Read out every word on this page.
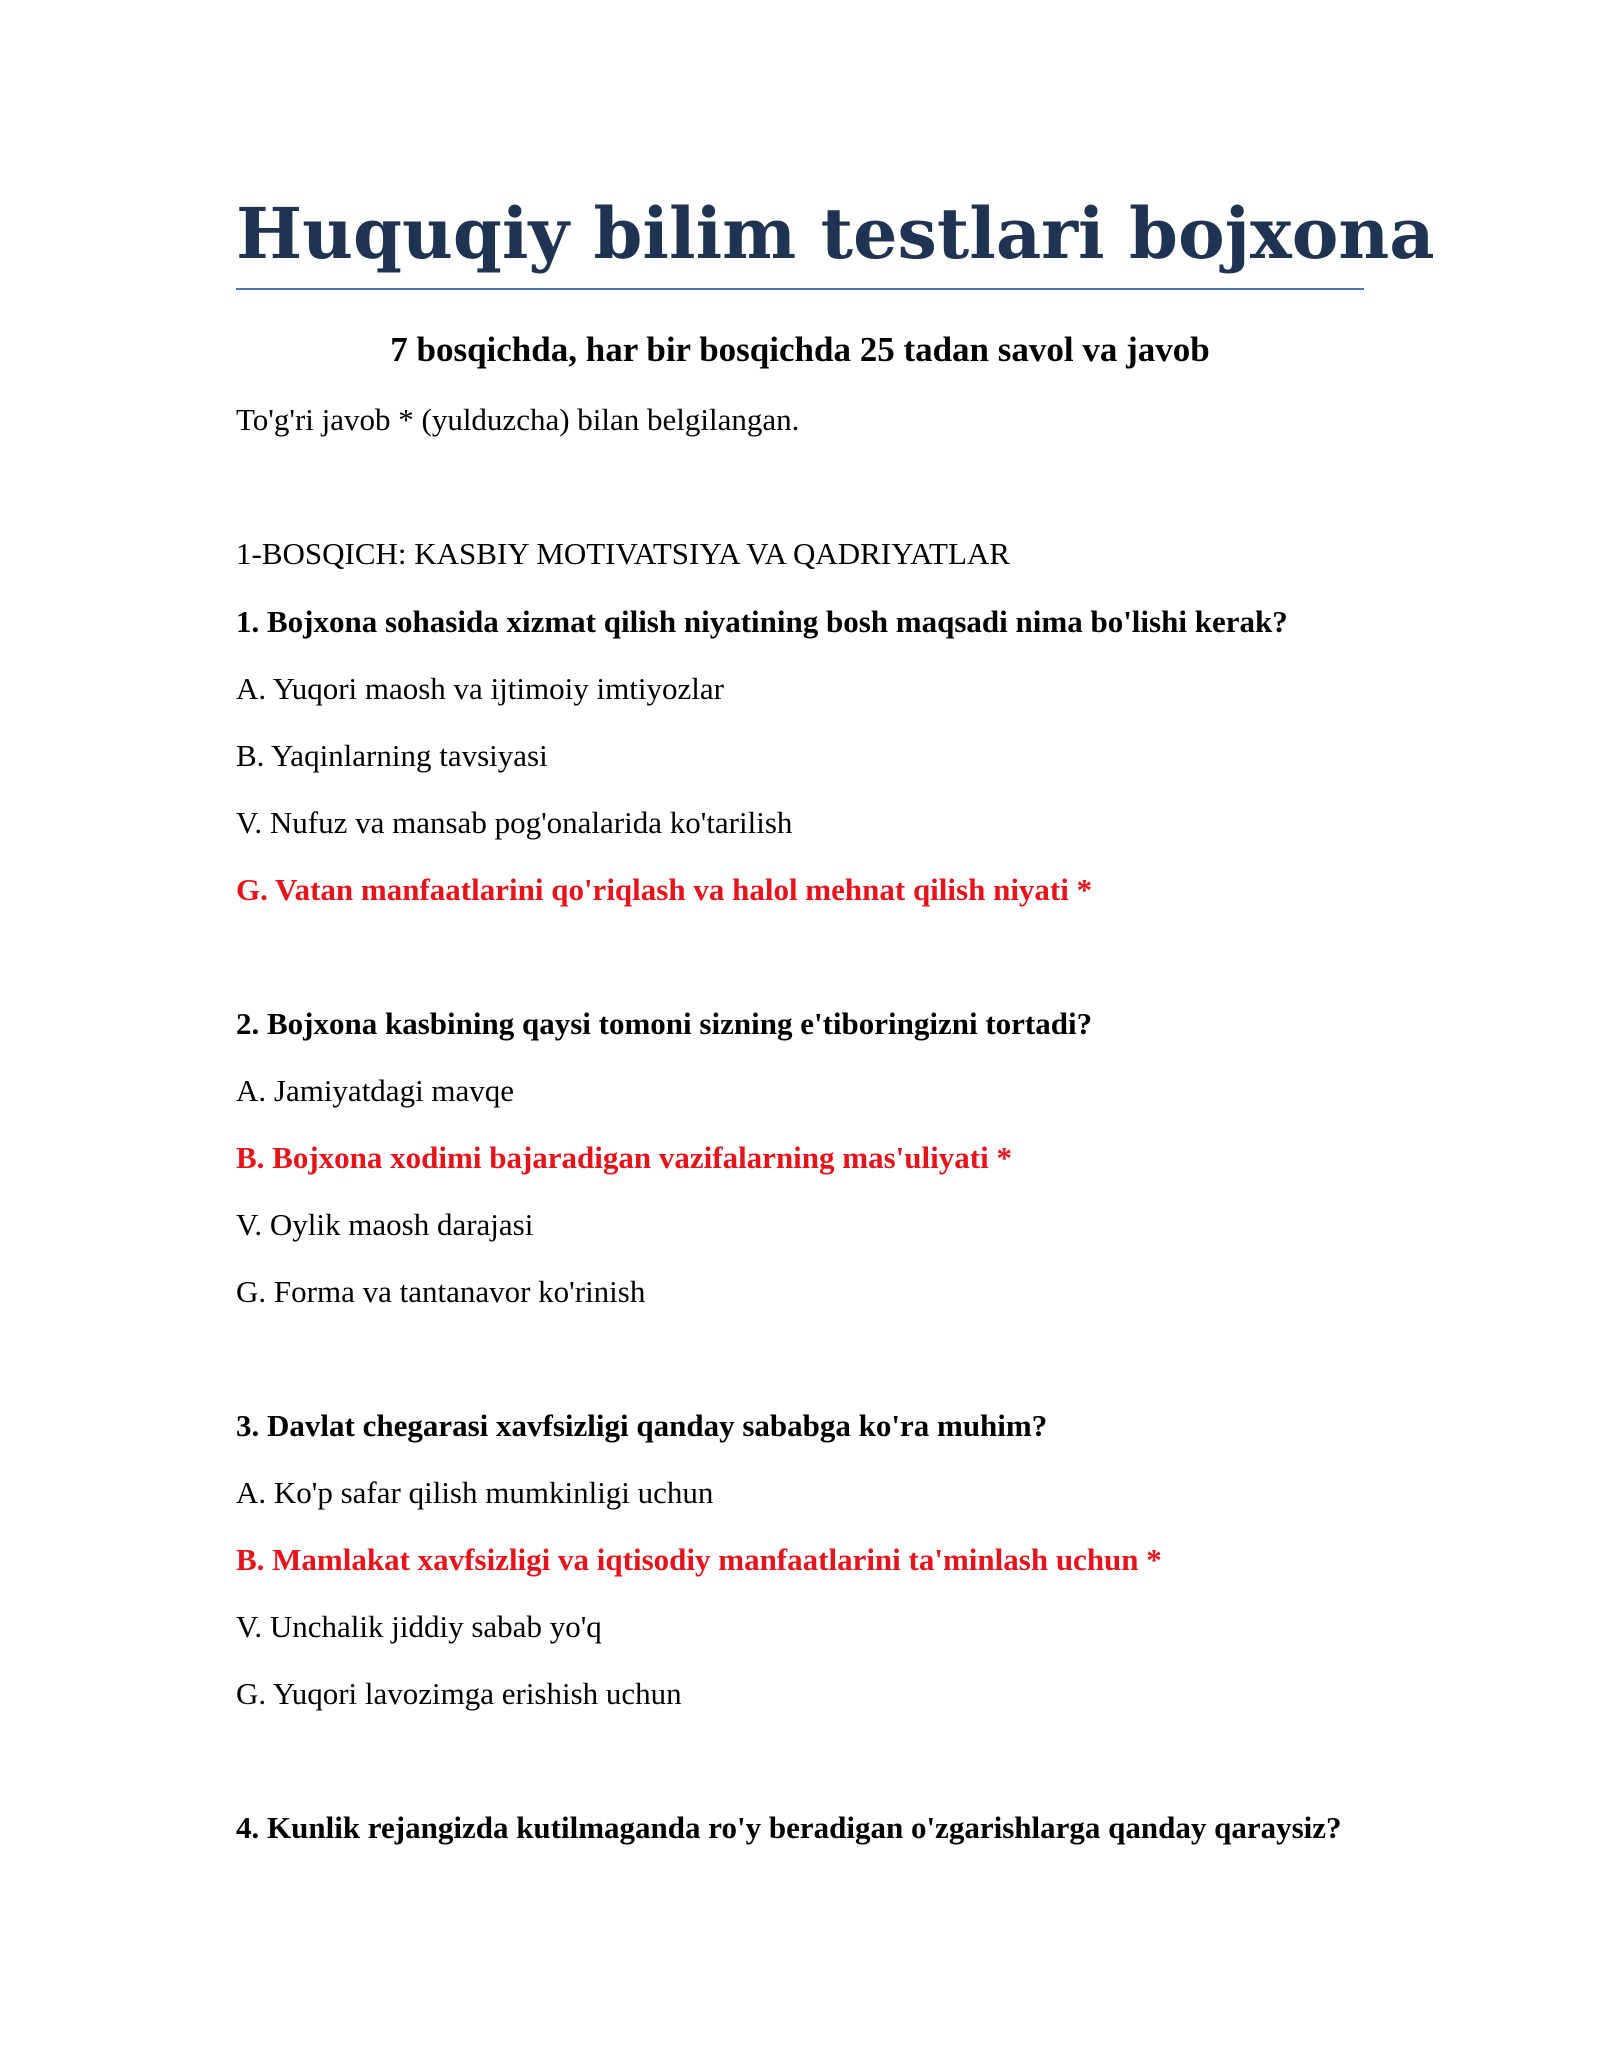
Huquqiy bilim testlari bojxona

7 bosqichda, har bir bosqichda 25 tadan savol va javob

To'g'ri javob * (yulduzcha) bilan belgilangan.

1-BOSQICH: KASBIY MOTIVATSIYA VA QADRIYATLAR

1. Bojxona sohasida xizmat qilish niyatining bosh maqsadi nima bo'lishi kerak?

A. Yuqori maosh va ijtimoiy imtiyozlar

B. Yaqinlarning tavsiyasi

V. Nufuz va mansab pog'onalarida ko'tarilish

G. Vatan manfaatlarini qo'riqlash va halol mehnat qilish niyati *

2. Bojxona kasbining qaysi tomoni sizning e'tiboringizni tortadi?

A. Jamiyatdagi mavqe

B. Bojxona xodimi bajaradigan vazifalarning mas'uliyati *

V. Oylik maosh darajasi

G. Forma va tantanavor ko'rinish

3. Davlat chegarasi xavfsizligi qanday sababga ko'ra muhim?

A. Ko'p safar qilish mumkinligi uchun

B. Mamlakat xavfsizligi va iqtisodiy manfaatlarini ta'minlash uchun *

V. Unchalik jiddiy sabab yo'q

G. Yuqori lavozimga erishish uchun

4. Kunlik rejangizda kutilmaganda ro'y beradigan o'zgarishlarga qanday qaraysiz?
